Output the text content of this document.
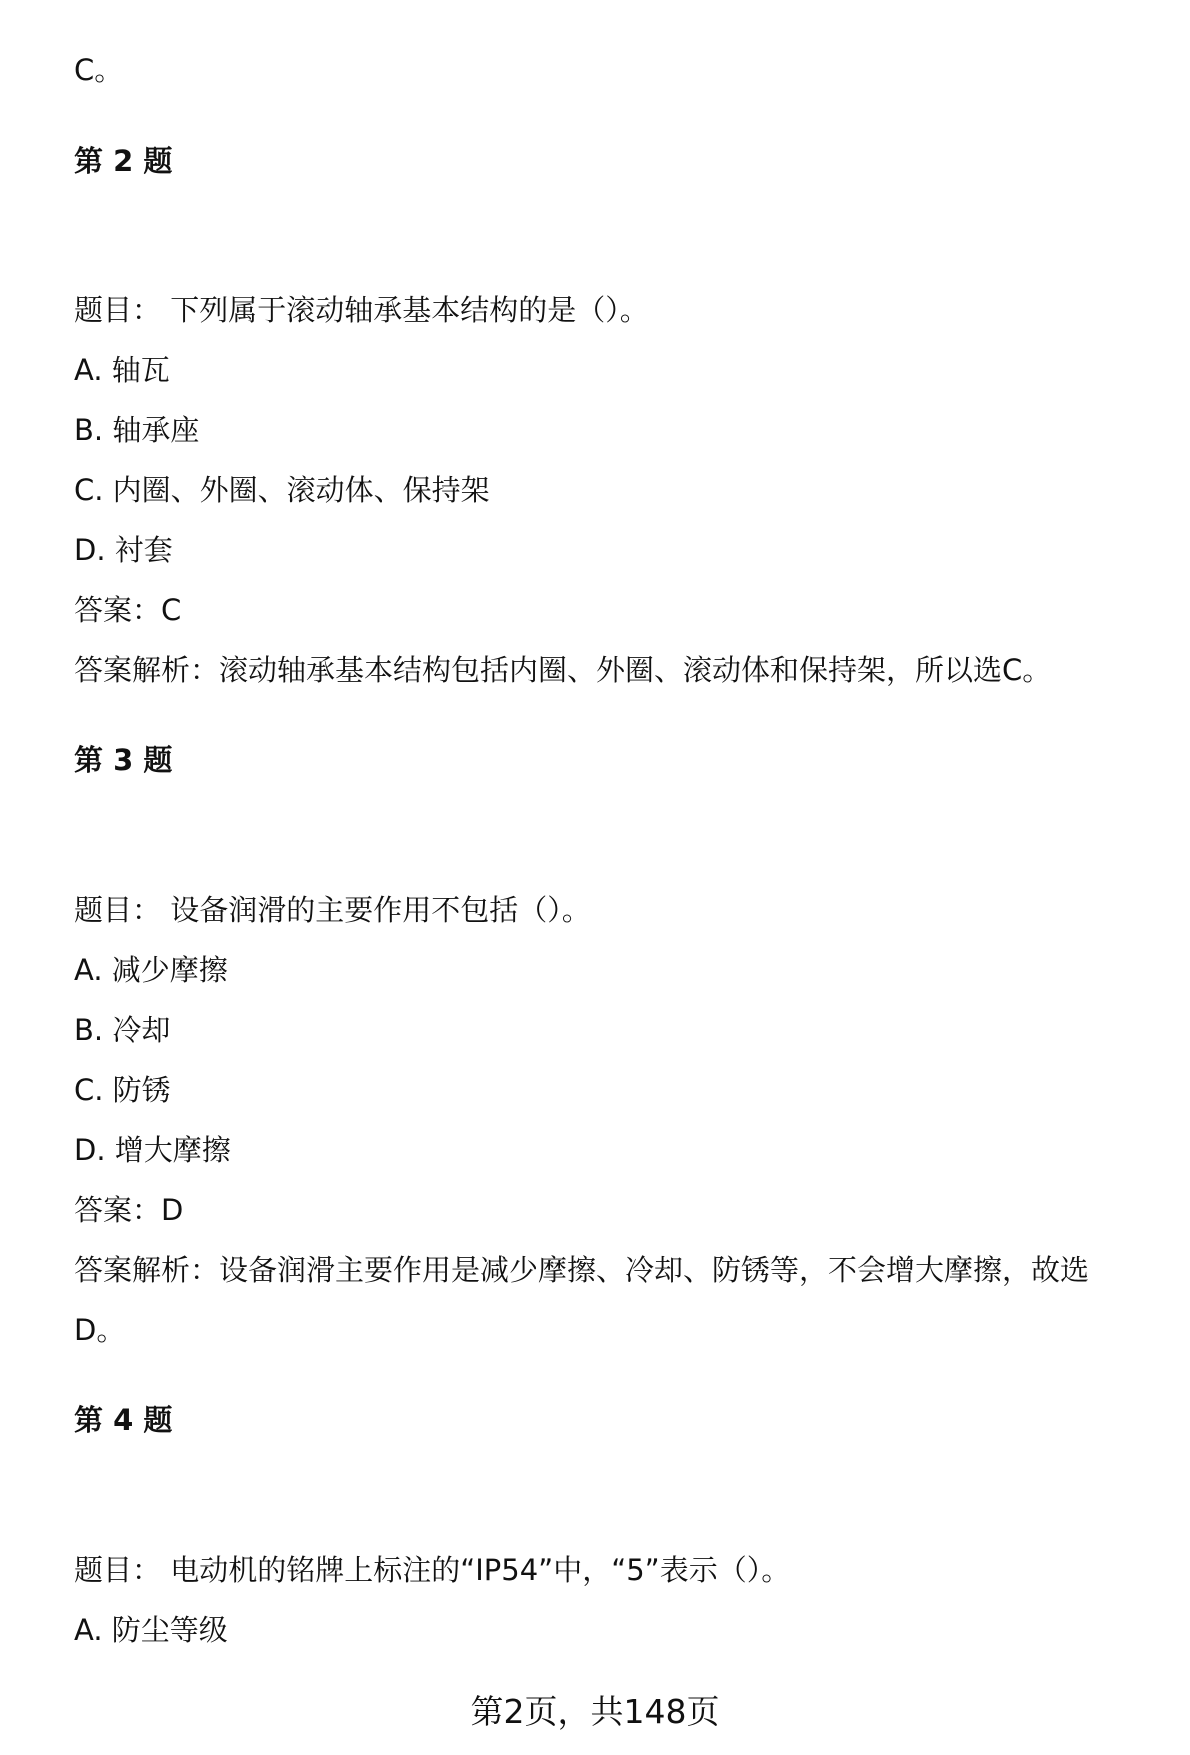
C。
第 2 题
题目： 下列属于滚动轴承基本结构的是（）。
A. 轴瓦
B. 轴承座
C. 内圈、外圈、滚动体、保持架
D. 衬套
答案：C
答案解析：滚动轴承基本结构包括内圈、外圈、滚动体和保持架，所以选C。
第 3 题
题目： 设备润滑的主要作用不包括（）。
A. 减少摩擦
B. 冷却
C. 防锈
D. 增大摩擦
答案：D
答案解析：设备润滑主要作用是减少摩擦、冷却、防锈等，不会增大摩擦，故选
D。
第 4 题
题目： 电动机的铭牌上标注的“IP54”中，“5”表示（）。
A. 防尘等级
第2页，共148页
